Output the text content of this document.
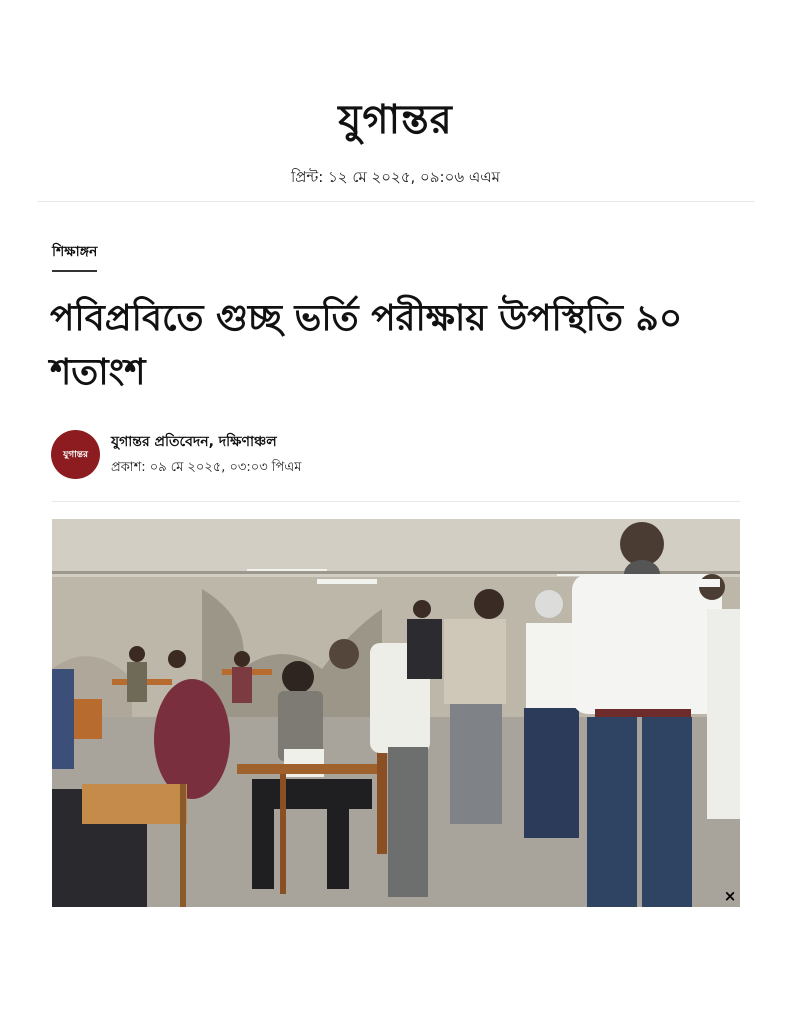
যুগান্তর
প্রিন্ট: ১২ মে ২০২৫, ০৯:০৬ এএম
শিক্ষাঙ্গন
পবিপ্রবিতে গুচ্ছ ভর্তি পরীক্ষায় উপস্থিতি ৯০ শতাংশ
যুগান্তর
যুগান্তর প্রতিবেদন, দক্ষিণাঞ্চল
প্রকাশ: ০৯ মে ২০২৫, ০৩:০৩ পিএম
×
